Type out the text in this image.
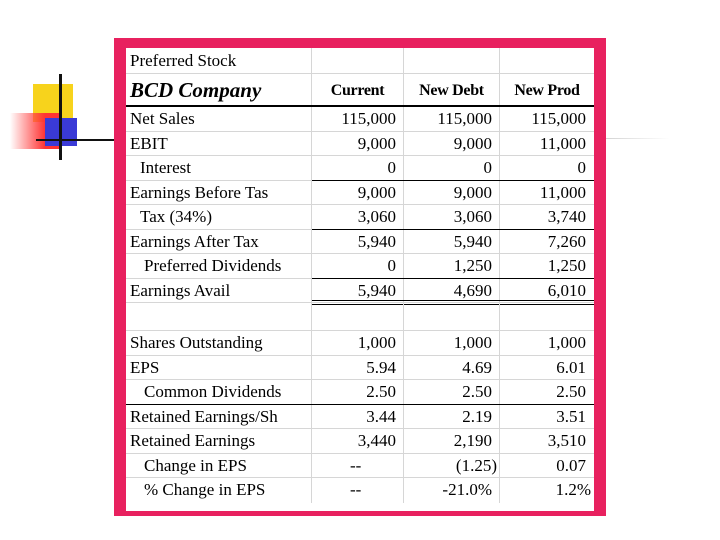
Preferred Stock
BCD Company	Current	New Debt	New Prod
Net Sales	115,000	115,000	115,000
EBIT	9,000	9,000	11,000
Interest	0	0	0
Earnings Before Tas	9,000	9,000	11,000
Tax (34%)	3,060	3,060	3,740
Earnings After Tax	5,940	5,940	7,260
Preferred Dividends	0	1,250	1,250
Earnings Avail	5,940	4,690	6,010
Shares Outstanding	1,000	1,000	1,000
EPS	5.94	4.69	6.01
Common Dividends	2.50	2.50	2.50
Retained Earnings/Sh	3.44	2.19	3.51
Retained Earnings	3,440	2,190	3,510
Change in EPS	--	(1.25)	0.07
% Change in EPS	--	-21.0%	1.2%
